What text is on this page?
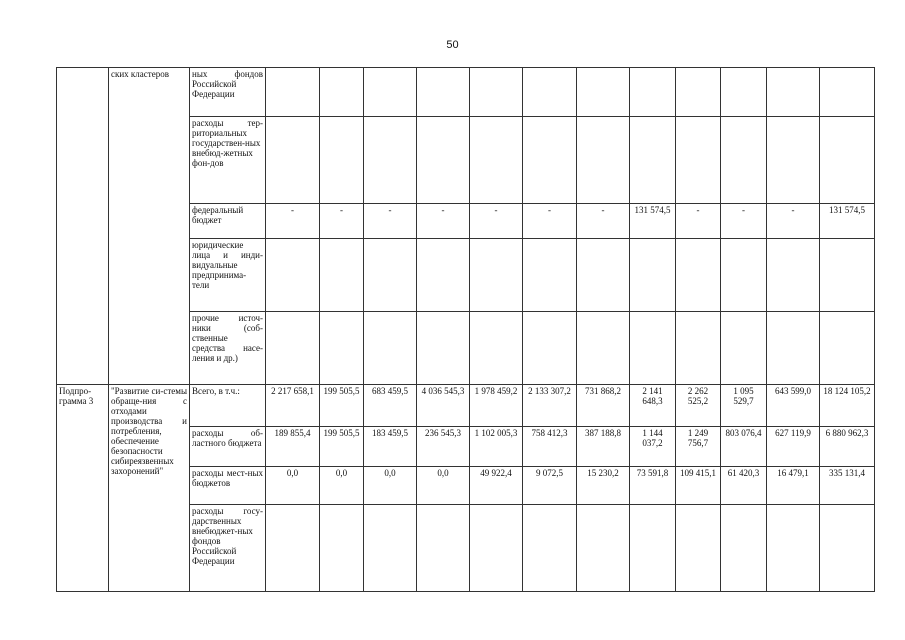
50
	ских кластеров	ных фондов Российской Федерации												
		расходы тер-риториальных государствен-ных внебюд-жетных фон-дов												
		федеральный бюджет	-	-	-	-	-	-	-	131 574,5	-	-	-	131 574,5
		юридические лица и инди-видуальные предпринима-тели												
		прочие источ-ники (соб-ственные средства насе-ления и др.)												
Подпро-грамма 3	"Развитие си-стемы обраще-ния с отходами производства и потребления, обеспечение безопасности сибиреязвенных захоронений"	Всего, в т.ч.:	2 217 658,1	199 505,5	683 459,5	4 036 545,3	1 978 459,2	2 133 307,2	731 868,2	2 141 648,3	2 262 525,2	1 095 529,7	643 599,0	18 124 105,2
		расходы об-ластного бюджета	189 855,4	199 505,5	183 459,5	236 545,3	1 102 005,3	758 412,3	387 188,8	1 144 037,2	1 249 756,7	803 076,4	627 119,9	6 880 962,3
		расходы мест-ных бюджетов	0,0	0,0	0,0	0,0	49 922,4	9 072,5	15 230,2	73 591,8	109 415,1	61 420,3	16 479,1	335 131,4
		расходы госу-дарственных внебюджет-ных фондов Российской Федерации												
